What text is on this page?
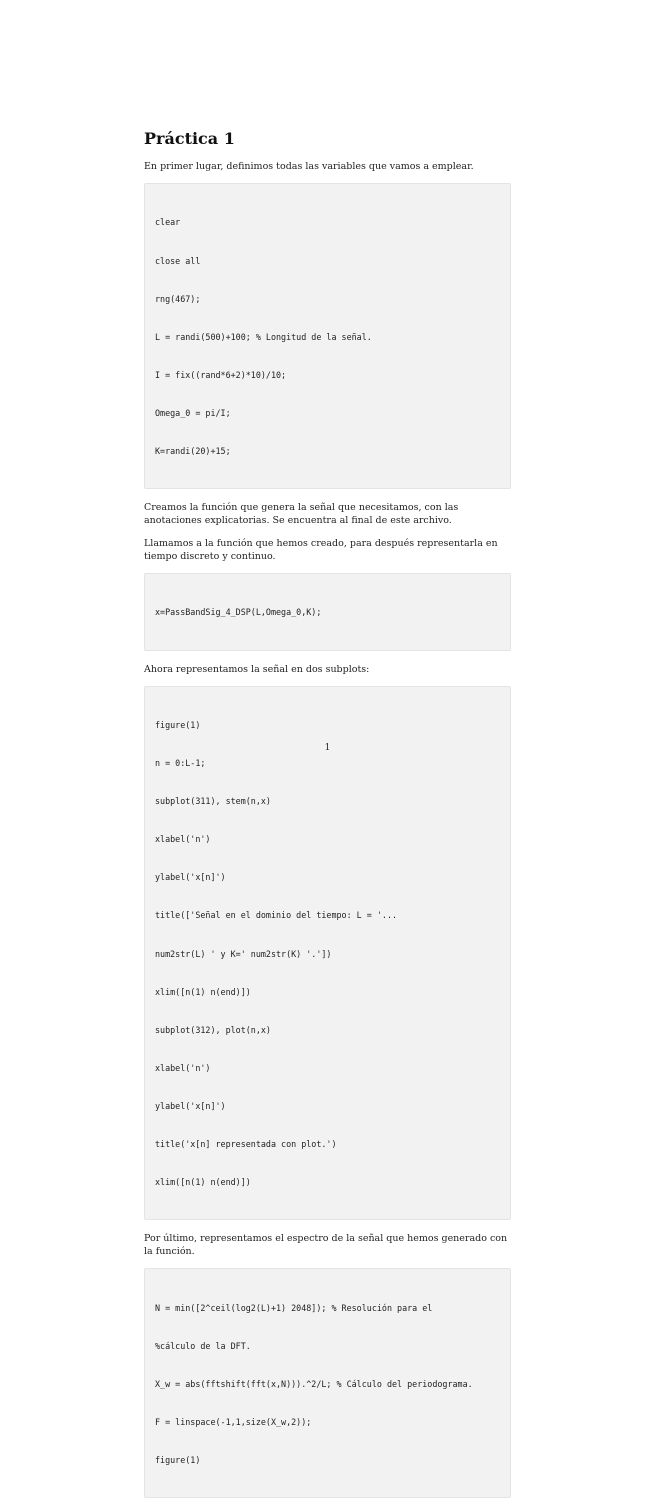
Práctica 1

En primer lugar, definimos todas las variables que vamos a emplear.

clear

close all

rng(467);

L = randi(500)+100; % Longitud de la señal.

I = fix((rand*6+2)*10)/10;

Omega_0 = pi/I;

K=randi(20)+15;

Creamos la función que genera la señal que necesitamos, con las anotaciones explicatorias. Se encuentra al final de este archivo.

Llamamos a la función que hemos creado, para después representarla en tiempo discreto y continuo.

x=PassBandSig_4_DSP(L,Omega_0,K);

Ahora representamos la señal en dos subplots:

figure(1)

n = 0:L-1;

subplot(311), stem(n,x)

xlabel('n')

ylabel('x[n]')

title(['Señal en el dominio del tiempo: L = '...

num2str(L) ' y K=' num2str(K) '.'])

xlim([n(1) n(end)])

subplot(312), plot(n,x)

xlabel('n')

ylabel('x[n]')

title('x[n] representada con plot.')

xlim([n(1) n(end)])

Por último, representamos el espectro de la señal que hemos generado con la función.

N = min([2^ceil(log2(L)+1) 2048]); % Resolución para el

%cálculo de la DFT.

X_w = abs(fftshift(fft(x,N))).^2/L; % Cálculo del periodograma.

F = linspace(-1,1,size(X_w,2));

figure(1)

1
